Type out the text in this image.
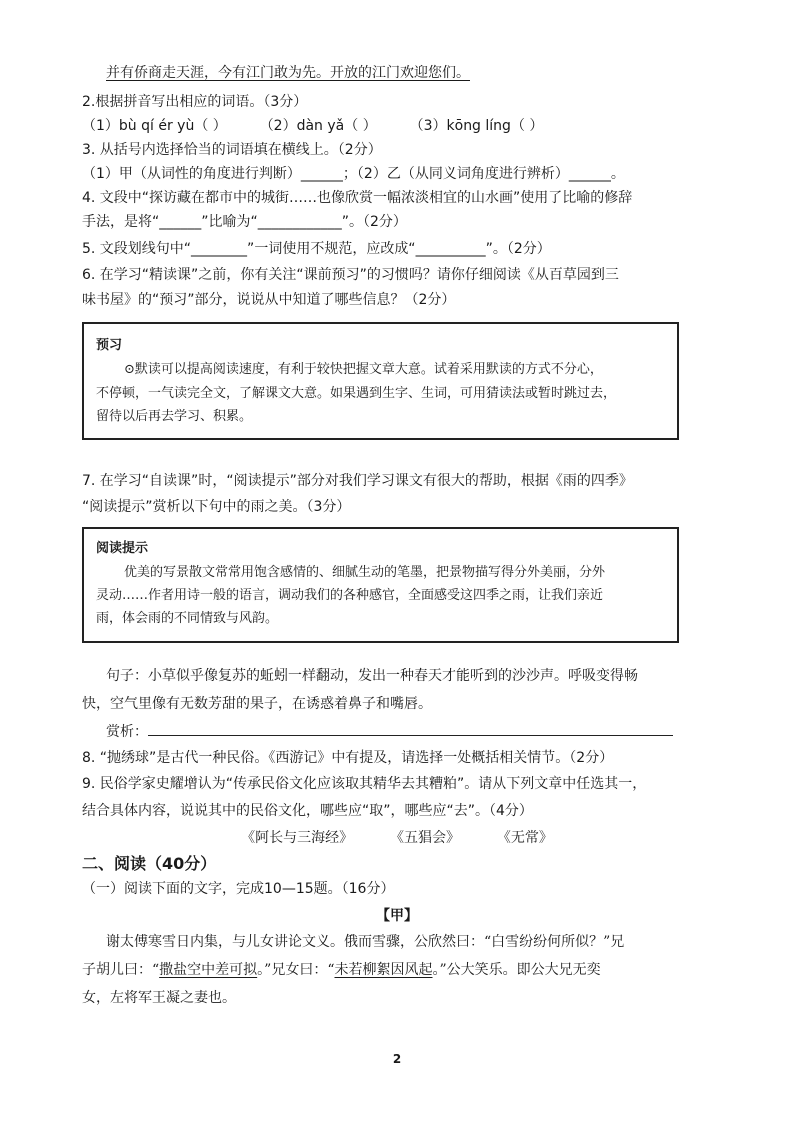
并有侨商走天涯，今有江门敢为先。开放的江门欢迎您们。
2.根据拼音写出相应的词语。（3分）
（1）bù qí ér yù（ ） （2）dàn yǎ（ ） （3）kōng líng（ ）
3. 从括号内选择恰当的词语填在横线上。（2分）
（1）甲（从词性的角度进行判断）______；（2）乙（从同义词角度进行辨析）______。
4. 文段中“探访藏在都市中的城街……也像欣赏一幅浓淡相宜的山水画”使用了比喻的修辞
手法，是将“______”比喻为“____________”。（2分）
5. 文段划线句中“________”一词使用不规范，应改成“__________”。（2分）
6. 在学习“精读课”之前，你有关注“课前预习”的习惯吗？请你仔细阅读《从百草园到三
味书屋》的“预习”部分，说说从中知道了哪些信息？（2分）
预习
⊙默读可以提高阅读速度，有利于较快把握文章大意。试着采用默读的方式不分心，
不停顿，一气读完全文，了解课文大意。如果遇到生字、生词，可用猜读法或暂时跳过去，
留待以后再去学习、积累。
7. 在学习“自读课”时，“阅读提示”部分对我们学习课文有很大的帮助，根据《雨的四季》
“阅读提示”赏析以下句中的雨之美。（3分）
阅读提示
优美的写景散文常常用饱含感情的、细腻生动的笔墨，把景物描写得分外美丽，分外
灵动……作者用诗一般的语言，调动我们的各种感官，全面感受这四季之雨，让我们亲近
雨，体会雨的不同情致与风韵。
句子：小草似乎像复苏的蚯蚓一样翻动，发出一种春天才能听到的沙沙声。呼吸变得畅
快，空气里像有无数芳甜的果子，在诱惑着鼻子和嘴唇。
赏析：
8. “抛绣球”是古代一种民俗。《西游记》中有提及，请选择一处概括相关情节。（2分）
9. 民俗学家史耀增认为“传承民俗文化应该取其精华去其糟粕”。请从下列文章中任选其一，
结合具体内容，说说其中的民俗文化，哪些应“取”，哪些应“去”。（4分）
《阿长与三海经》	《五猖会》	《无常》
二、阅读（40分）
（一）阅读下面的文字，完成10—15题。（16分）
【甲】
谢太傅寒雪日内集，与儿女讲论文义。俄而雪骤，公欣然曰：“白雪纷纷何所似？”兄
子胡儿曰：“撒盐空中差可拟。”兄女曰：“未若柳絮因风起。”公大笑乐。即公大兄无奕
女，左将军王凝之妻也。
2
